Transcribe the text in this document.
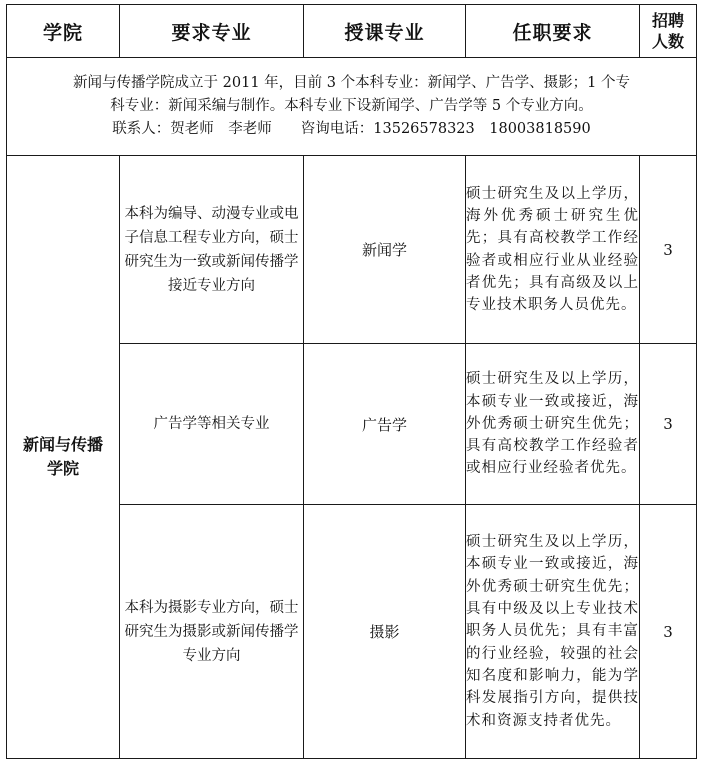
学院	要求专业	授课专业	任职要求	招聘
人数

新闻与传播学院成立于 2011 年，目前 3 个本科专业：新闻学、广告学、摄影；1 个专
科专业：新闻采编与制作。本科专业下设新闻学、广告学等 5 个专业方向。
联系人：贺老师　李老师　　咨询电话：13526578323　18003818590				

新闻与传播
学院	本科为编导、动漫专业或电子信息工程专业方向，硕士研究生为一致或新闻传播学接近专业方向	新闻学	硕士研究生及以上学历，海外优秀硕士研究生优先；具有高校教学工作经验者或相应行业从业经验者优先；具有高级及以上专业技术职务人员优先。	3
	广告学等相关专业	广告学	硕士研究生及以上学历，本硕专业一致或接近，海外优秀硕士研究生优先；具有高校教学工作经验者或相应行业经验者优先。	3
	本科为摄影专业方向，硕士研究生为摄影或新闻传播学专业方向	摄影	硕士研究生及以上学历，本硕专业一致或接近，海外优秀硕士研究生优先；具有中级及以上专业技术职务人员优先；具有丰富的行业经验，较强的社会知名度和影响力，能为学科发展指引方向，提供技术和资源支持者优先。	3
